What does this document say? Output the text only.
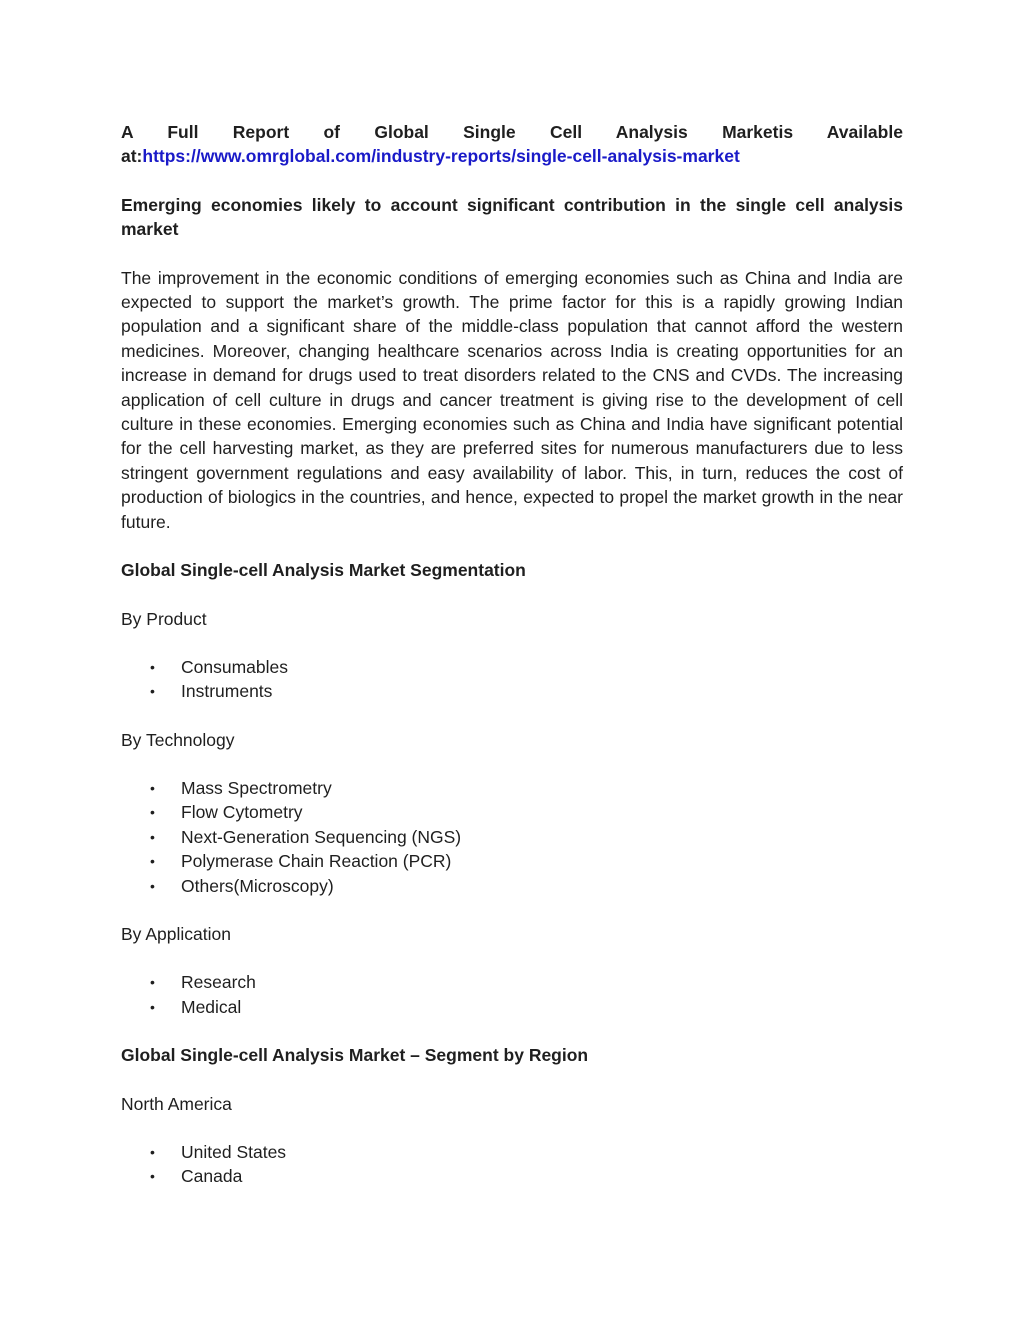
A Full Report of Global Single Cell Analysis Marketis Available

at:https://www.omrglobal.com/industry-reports/single-cell-analysis-market

Emerging economies likely to account significant contribution in the single cell analysis market

The improvement in the economic conditions of emerging economies such as China and India are expected to support the market’s growth. The prime factor for this is a rapidly growing Indian population and a significant share of the middle-class population that cannot afford the western medicines. Moreover, changing healthcare scenarios across India is creating opportunities for an increase in demand for drugs used to treat disorders related to the CNS and CVDs. The increasing application of cell culture in drugs and cancer treatment is giving rise to the development of cell culture in these economies. Emerging economies such as China and India have significant potential for the cell harvesting market, as they are preferred sites for numerous manufacturers due to less stringent government regulations and easy availability of labor. This, in turn, reduces the cost of production of biologics in the countries, and hence, expected to propel the market growth in the near future.

Global Single-cell Analysis Market Segmentation

By Product

• Consumables
• Instruments

By Technology

• Mass Spectrometry
• Flow Cytometry
• Next-Generation Sequencing (NGS)
• Polymerase Chain Reaction (PCR)
• Others(Microscopy)

By Application

• Research
• Medical

Global Single-cell Analysis Market – Segment by Region

North America

• United States
• Canada
